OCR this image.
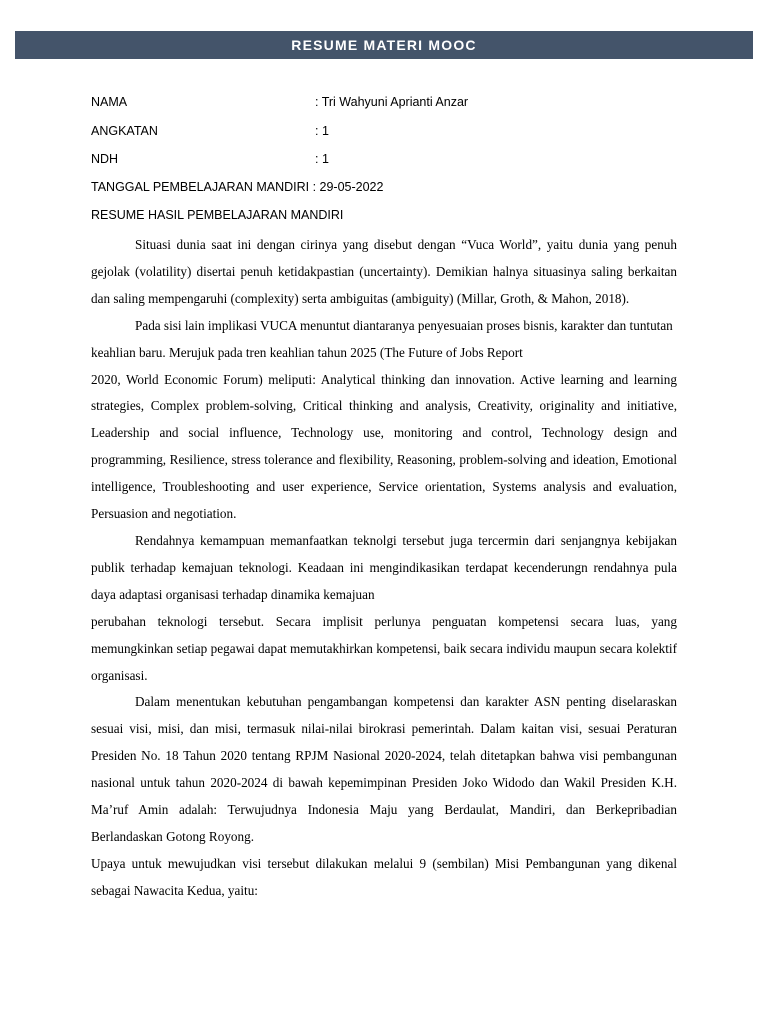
RESUME MATERI MOOC
NAMA	: Tri Wahyuni Aprianti Anzar
ANGKATAN	: 1
NDH	: 1
TANGGAL PEMBELAJARAN MANDIRI : 29-05-2022
RESUME HASIL PEMBELAJARAN MANDIRI

Situasi dunia saat ini dengan cirinya yang disebut dengan “Vuca World”, yaitu dunia yang penuh gejolak (volatility) disertai penuh ketidakpastian (uncertainty). Demikian halnya situasinya saling berkaitan dan saling mempengaruhi (complexity) serta ambiguitas (ambiguity) (Millar, Groth, & Mahon, 2018).

Pada sisi lain implikasi VUCA menuntut diantaranya penyesuaian proses bisnis, karakter dan tuntutan keahlian baru. Merujuk pada tren keahlian tahun 2025 (The Future of Jobs Report

2020, World Economic Forum) meliputi: Analytical thinking dan innovation. Active learning and learning strategies, Complex problem-solving, Critical thinking and analysis, Creativity, originality and initiative, Leadership and social influence, Technology use, monitoring and control, Technology design and programming, Resilience, stress tolerance and flexibility, Reasoning, problem-solving and ideation, Emotional intelligence, Troubleshooting and user experience, Service orientation, Systems analysis and evaluation, Persuasion and negotiation.

Rendahnya kemampuan memanfaatkan teknolgi tersebut juga tercermin dari senjangnya kebijakan publik terhadap kemajuan teknologi. Keadaan ini mengindikasikan terdapat kecenderungn rendahnya pula daya adaptasi organisasi terhadap dinamika kemajuan

perubahan teknologi tersebut. Secara implisit perlunya penguatan kompetensi secara luas, yang memungkinkan setiap pegawai dapat memutakhirkan kompetensi, baik secara individu maupun secara kolektif organisasi.

Dalam menentukan kebutuhan pengambangan kompetensi dan karakter ASN penting diselaraskan sesuai visi, misi, dan misi, termasuk nilai-nilai birokrasi pemerintah. Dalam kaitan visi, sesuai Peraturan Presiden No. 18 Tahun 2020 tentang RPJM Nasional 2020-2024, telah ditetapkan bahwa visi pembangunan nasional untuk tahun 2020-2024 di bawah kepemimpinan Presiden Joko Widodo dan Wakil Presiden K.H. Ma’ruf Amin adalah: Terwujudnya Indonesia Maju yang Berdaulat, Mandiri, dan Berkepribadian Berlandaskan Gotong Royong.

Upaya untuk mewujudkan visi tersebut dilakukan melalui 9 (sembilan) Misi Pembangunan yang dikenal sebagai Nawacita Kedua, yaitu:
